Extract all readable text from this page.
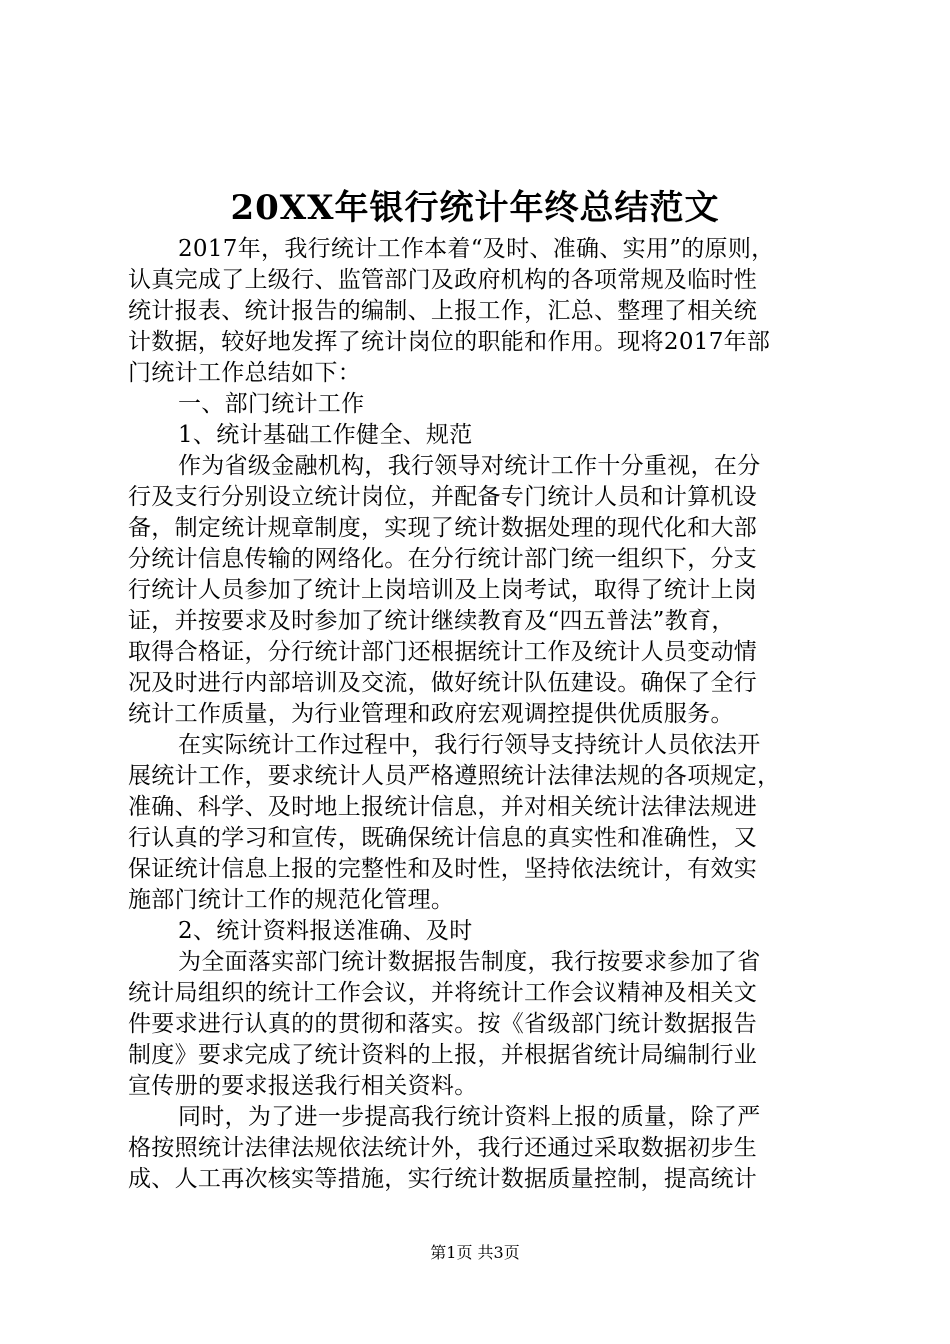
20XX年银行统计年终总结范文
2017年，我行统计工作本着“及时、准确、实用”的原则，
认真完成了上级行、监管部门及政府机构的各项常规及临时性
统计报表、统计报告的编制、上报工作，汇总、整理了相关统
计数据，较好地发挥了统计岗位的职能和作用。现将2017年部
门统计工作总结如下：
一、部门统计工作
1、统计基础工作健全、规范
作为省级金融机构，我行领导对统计工作十分重视，在分
行及支行分别设立统计岗位，并配备专门统计人员和计算机设
备，制定统计规章制度，实现了统计数据处理的现代化和大部
分统计信息传输的网络化。在分行统计部门统一组织下，分支
行统计人员参加了统计上岗培训及上岗考试，取得了统计上岗
证，并按要求及时参加了统计继续教育及“四五普法”教育，
取得合格证，分行统计部门还根据统计工作及统计人员变动情
况及时进行内部培训及交流，做好统计队伍建设。确保了全行
统计工作质量，为行业管理和政府宏观调控提供优质服务。
在实际统计工作过程中，我行行领导支持统计人员依法开
展统计工作，要求统计人员严格遵照统计法律法规的各项规定，
准确、科学、及时地上报统计信息，并对相关统计法律法规进
行认真的学习和宣传，既确保统计信息的真实性和准确性，又
保证统计信息上报的完整性和及时性，坚持依法统计，有效实
施部门统计工作的规范化管理。
2、统计资料报送准确、及时
为全面落实部门统计数据报告制度，我行按要求参加了省
统计局组织的统计工作会议，并将统计工作会议精神及相关文
件要求进行认真的的贯彻和落实。按《省级部门统计数据报告
制度》要求完成了统计资料的上报，并根据省统计局编制行业
宣传册的要求报送我行相关资料。
同时，为了进一步提高我行统计资料上报的质量，除了严
格按照统计法律法规依法统计外，我行还通过采取数据初步生
成、人工再次核实等措施，实行统计数据质量控制，提高统计
第1页 共3页
